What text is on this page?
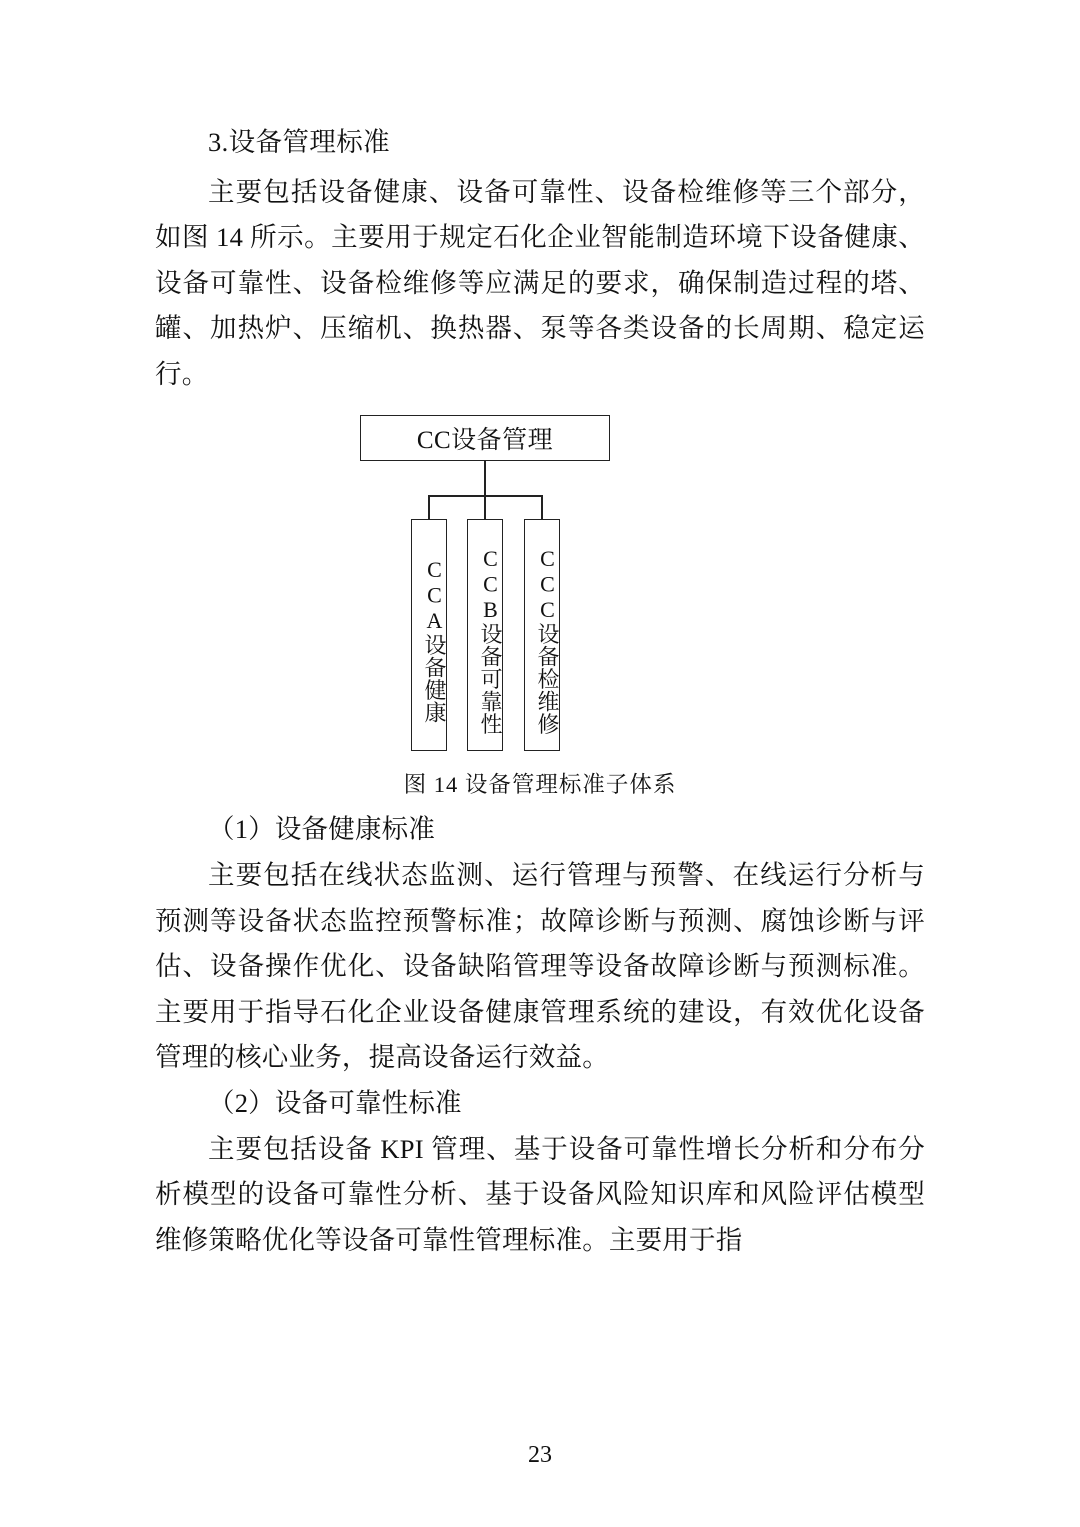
3.设备管理标准

主要包括设备健康、设备可靠性、设备检维修等三个部分，如图 14 所示。主要用于规定石化企业智能制造环境下设备健康、设备可靠性、设备检维修等应满足的要求，确保制造过程的塔、罐、加热炉、压缩机、换热器、泵等各类设备的长周期、稳定运行。

CC设备管理
CCA设备健康 CCB设备可靠性 CCC设备检维修
图 14 设备管理标准子体系

（1）设备健康标准

主要包括在线状态监测、运行管理与预警、在线运行分析与预测等设备状态监控预警标准；故障诊断与预测、腐蚀诊断与评估、设备操作优化、设备缺陷管理等设备故障诊断与预测标准。主要用于指导石化企业设备健康管理系统的建设，有效优化设备管理的核心业务，提高设备运行效益。

（2）设备可靠性标准

主要包括设备 KPI 管理、基于设备可靠性增长分析和分布分析模型的设备可靠性分析、基于设备风险知识库和风险评估模型维修策略优化等设备可靠性管理标准。主要用于指

23
